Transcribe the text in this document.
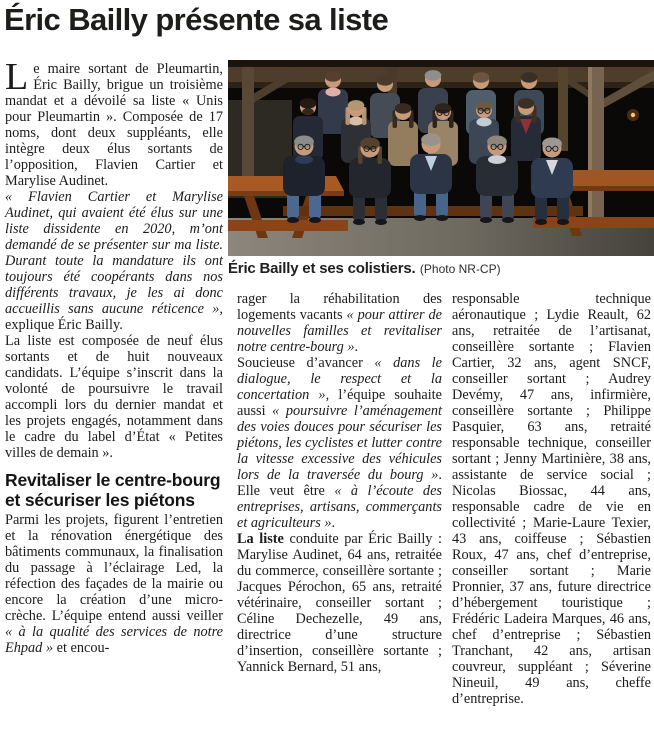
Éric Bailly présente sa liste

Le maire sortant de Pleumartin, Éric Bailly, brigue un troisième mandat et a dévoilé sa liste « Unis pour Pleumartin ». Composée de 17 noms, dont deux suppléants, elle intègre deux élus sortants de l’opposition, Flavien Cartier et Marylise Audinet.

« Flavien Cartier et Marylise Audinet, qui avaient été élus sur une liste dissidente en 2020, m’ont demandé de se présenter sur ma liste. Durant toute la mandature ils ont toujours été coopérants dans nos différents travaux, je les ai donc accueillis sans aucune réticence », explique Éric Bailly.

La liste est composée de neuf élus sortants et de huit nouveaux candidats. L’équipe s’inscrit dans la volonté de poursuivre le travail accompli lors du dernier mandat et les projets engagés, notamment dans le cadre du label d’État « Petites villes de demain ».

Revitaliser le centre-bourg et sécuriser les piétons

Parmi les projets, figurent l’entretien et la rénovation énergétique des bâtiments communaux, la finalisation du passage à l’éclairage Led, la réfection des façades de la mairie ou encore la création d’une micro-crèche. L’équipe entend aussi veiller « à la qualité des services de notre Ehpad » et encou-

Éric Bailly et ses colistiers. (Photo NR-CP)

rager la réhabilitation des logements vacants « pour attirer de nouvelles familles et revitaliser notre centre-bourg ».

Soucieuse d’avancer « dans le dialogue, le respect et la concertation », l’équipe souhaite aussi « poursuivre l’aménagement des voies douces pour sécuriser les piétons, les cyclistes et lutter contre la vitesse excessive des véhicules lors de la traversée du bourg ». Elle veut être « à l’écoute des entreprises, artisans, commerçants et agriculteurs ».

La liste conduite par Éric Bailly : Marylise Audinet, 64 ans, retraitée du commerce, conseillère sortante ; Jacques Pérochon, 65 ans, retraité vétérinaire, conseiller sortant ; Céline Dechezelle, 49 ans, directrice d’une structure d’insertion, conseillère sortante ; Yannick Bernard, 51 ans,

responsable technique aéronautique ; Lydie Reault, 62 ans, retraitée de l’artisanat, conseillère sortante ; Flavien Cartier, 32 ans, agent SNCF, conseiller sortant ; Audrey Devémy, 47 ans, infirmière, conseillère sortante ; Philippe Pasquier, 63 ans, retraité responsable technique, conseiller sortant ; Jenny Martinière, 38 ans, assistante de service social ; Nicolas Biossac, 44 ans, responsable cadre de vie en collectivité ; Marie-Laure Texier, 43 ans, coiffeuse ; Sébastien Roux, 47 ans, chef d’entreprise, conseiller sortant ; Marie Pronnier, 37 ans, future directrice d’hébergement touristique ; Frédéric Ladeira Marques, 46 ans, chef d’entreprise ; Sébastien Tranchant, 42 ans, artisan couvreur, suppléant ; Séverine Nineuil, 49 ans, cheffe d’entreprise.
